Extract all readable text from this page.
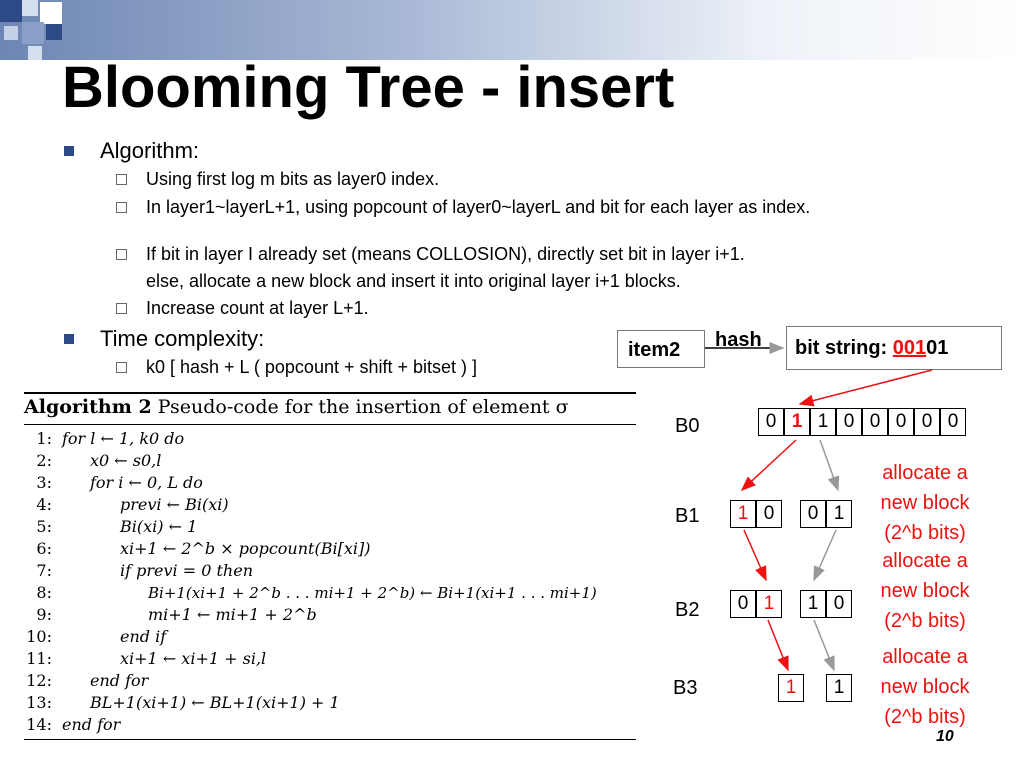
Blooming Tree - insert
Algorithm:
Using first log m bits as layer0 index.
In layer1~layerL+1, using popcount of layer0~layerL and bit for each layer as index.
If bit in layer I already set (means COLLOSION), directly set bit in layer i+1.
else, allocate a new block and insert it into original layer i+1 blocks.
Increase count at layer L+1.
Time complexity:
k0 [ hash + L ( popcount + shift + bitset ) ]
Algorithm 2 Pseudo-code for the insertion of element σ
1: for l ← 1, k0 do
2: x0 ← s0,l
3: for i ← 0, L do
4:	previ ← Bi(xi)
5:	Bi(xi) ← 1
6:	xi+1 ← 2^b × popcount(Bi[xi])
7:	if previ = 0 then
8:	Bi+1(xi+1 + 2^b . . . mi+1 + 2^b) ← Bi+1(xi+1 . . . mi+1)
9:	mi+1 ← mi+1 + 2^b
10:	end if
11:	xi+1 ← xi+1 + si,l
12: end for
13: BL+1(xi+1) ← BL+1(xi+1) + 1
14: end for
item2 hash bit string: 00101
B0
B1
B2
B3
0 1 1 0 0 0 0 0
1 0	0 1
0 1	1 0
1	1
allocate a
new block
(2^b bits)
allocate a
new block
(2^b bits)
allocate a
new block
(2^b bits)
10
